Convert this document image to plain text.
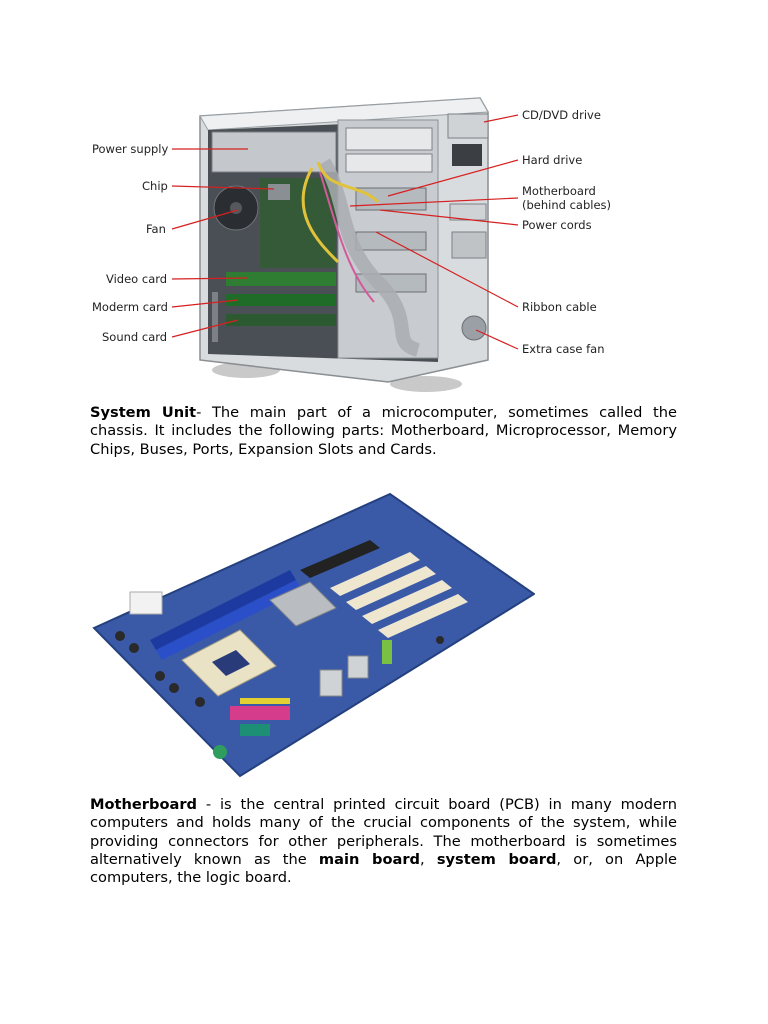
Power supply
Chip
Fan
Video card
Moderm card
Sound card
CD/DVD drive
Hard drive
Motherboard
(behind cables)
Power cords
Ribbon cable
Extra case fan

System Unit- The main part of a microcomputer, sometimes called the chassis. It includes the following parts: Motherboard, Microprocessor, Memory Chips, Buses, Ports, Expansion Slots and Cards.

Motherboard - is the central printed circuit board (PCB) in many modern computers and holds many of the crucial components of the system, while providing connectors for other peripherals. The motherboard is sometimes alternatively known as the main board, system board, or, on Apple computers, the logic board.
